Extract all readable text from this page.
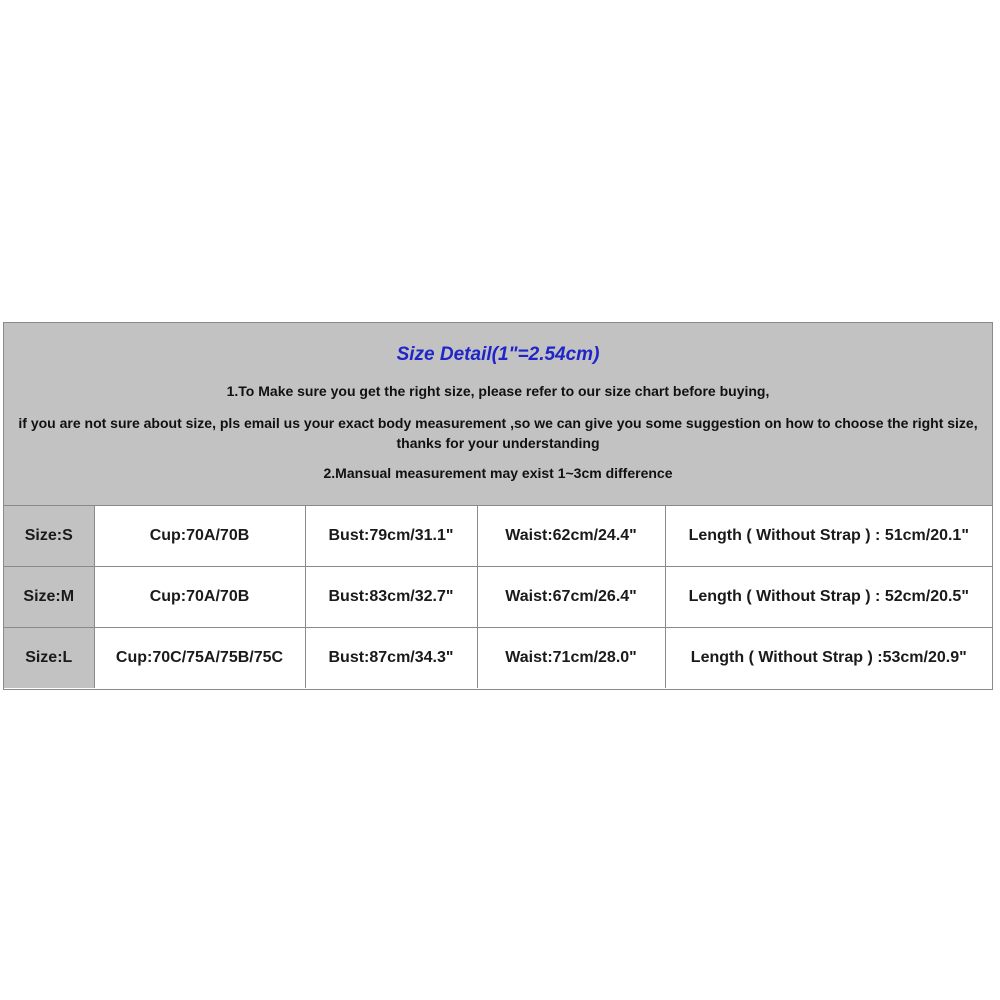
Size Detail(1"=2.54cm)

1.To Make sure you get the right size, please refer to our size chart before buying,

if you are not sure about size, pls email us your exact body measurement ,so we can give you some suggestion on how to choose the right size, thanks for your understanding

2.Mansual measurement may exist 1~3cm difference

Size:S	Cup:70A/70B	Bust:79cm/31.1"	Waist:62cm/24.4"	Length ( Without Strap ) : 51cm/20.1"
Size:M	Cup:70A/70B	Bust:83cm/32.7"	Waist:67cm/26.4"	Length ( Without Strap ) : 52cm/20.5"
Size:L	Cup:70C/75A/75B/75C	Bust:87cm/34.3"	Waist:71cm/28.0"	Length ( Without Strap ) :53cm/20.9"
